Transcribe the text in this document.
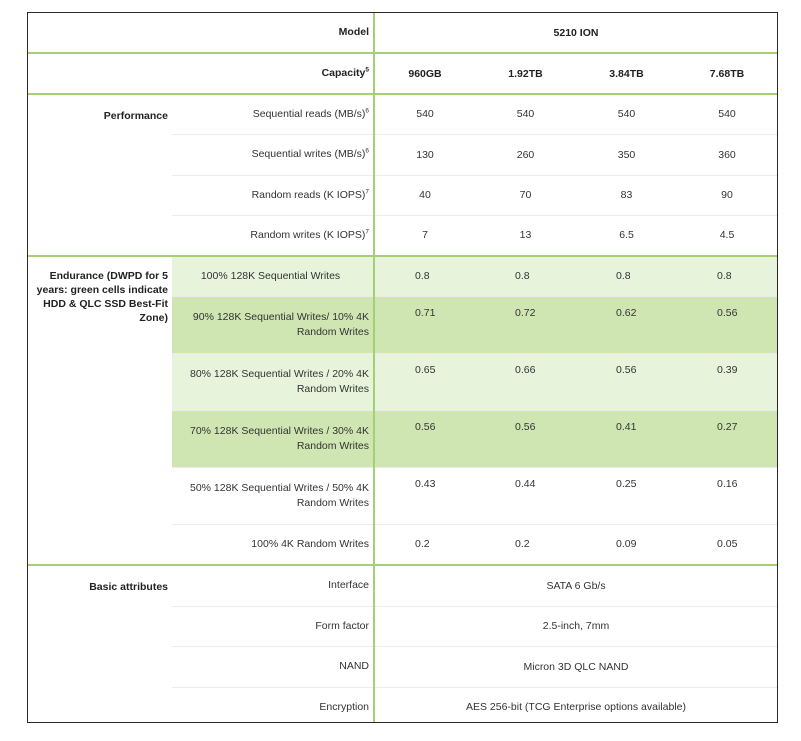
Model		5210 ION			
Capacity$^5$		960GB	1.92TB	3.84TB	7.68TB
Performance	Sequential reads $(MB/s)^6$	540	540	540	540
	Sequential writes $(MB/s)^6$	130	260	350	360
	Random reads (K IOPS)$^7$	40	70	83	90
	Random writes (K IOPS)$^7$	7	13	6.5	4.5
Endurance (DWPD for 5 years: green cells indicate HDD & QLC SSD Best-Fit Zone)	100% 128K Sequential Writes	0.8	0.8	0.8	0.8
	90% 128K Sequential Writes/ 10% 4K Random Writes	0.71	0.72	0.62	0.56
	80% 128K Sequential Writes / 20% 4K Random Writes	0.65	0.66	0.56	0.39
	70% 128K Sequential Writes / 30% 4K Random Writes	0.56	0.56	0.41	0.27
	50% 128K Sequential Writes / 50% 4K Random Writes	0.43	0.44	0.25	0.16
	100% 4K Random Writes	0.2	0.2	0.09	0.05
Basic attributes	Interface	SATA 6 Gb/s			
	Form factor	2.5-inch, 7mm			
	NAND	Micron 3D QLC NAND			
	Encryption	AES 256-bit (TCG Enterprise options available)			
